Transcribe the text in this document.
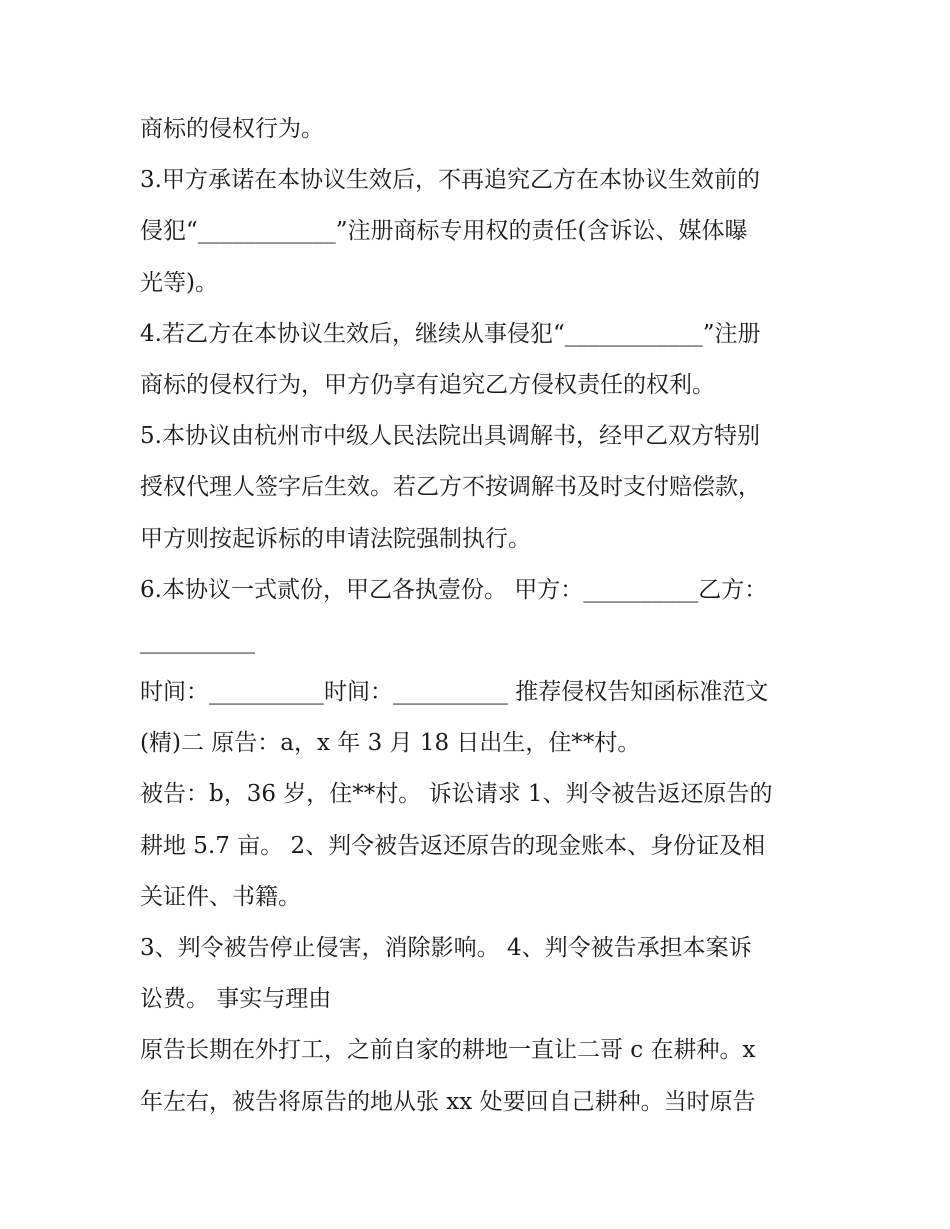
商标的侵权行为。
3.甲方承诺在本协议生效后，不再追究乙方在本协议生效前的
侵犯“____________”注册商标专用权的责任(含诉讼、媒体曝
光等)。
4.若乙方在本协议生效后，继续从事侵犯“____________”注册
商标的侵权行为，甲方仍享有追究乙方侵权责任的权利。
5.本协议由杭州市中级人民法院出具调解书，经甲乙双方特别
授权代理人签字后生效。若乙方不按调解书及时支付赔偿款，
甲方则按起诉标的申请法院强制执行。
6.本协议一式贰份，甲乙各执壹份。 甲方：__________乙方：
__________
时间：__________时间：__________ 推荐侵权告知函标准范文
(精)二 原告：a，x 年 3 月 18 日出生，住**村。
被告：b，36 岁，住**村。 诉讼请求 1、判令被告返还原告的
耕地 5.7 亩。 2、判令被告返还原告的现金账本、身份证及相
关证件、书籍。
3、判令被告停止侵害，消除影响。 4、判令被告承担本案诉
讼费。 事实与理由
原告长期在外打工，之前自家的耕地一直让二哥 c 在耕种。x
年左右，被告将原告的地从张 xx 处要回自己耕种。当时原告
